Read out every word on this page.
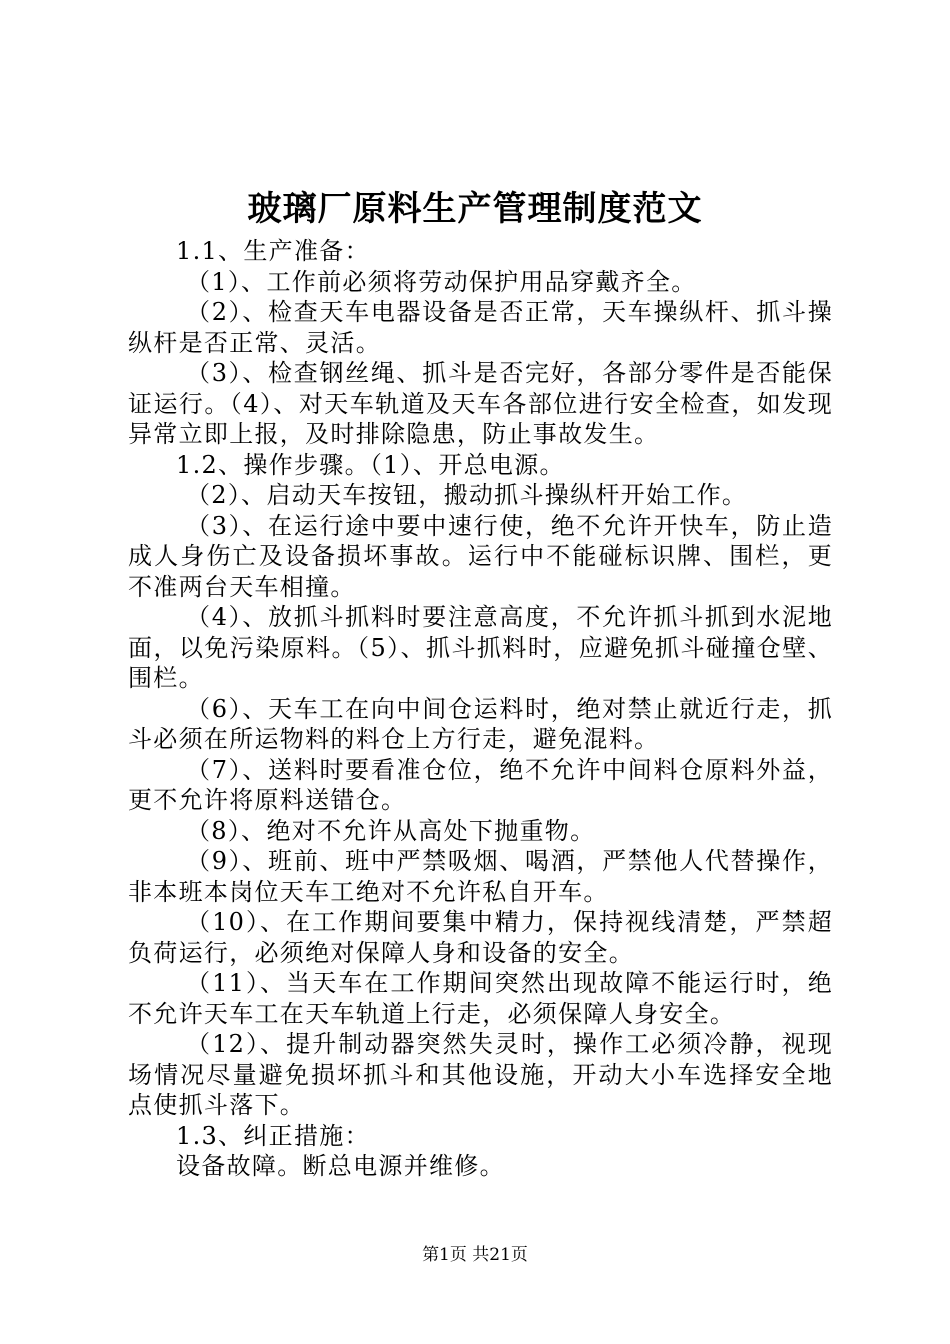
玻璃厂原料生产管理制度范文

1.1、生产准备：

（1）、工作前必须将劳动保护用品穿戴齐全。

（2）、检查天车电器设备是否正常，天车操纵杆、抓斗操纵杆是否正常、灵活。

（3）、检查钢丝绳、抓斗是否完好，各部分零件是否能保证运行。（4）、对天车轨道及天车各部位进行安全检查，如发现异常立即上报，及时排除隐患，防止事故发生。

1.2、操作步骤。（1）、开总电源。

（2）、启动天车按钮，搬动抓斗操纵杆开始工作。

（3）、在运行途中要中速行使，绝不允许开快车，防止造成人身伤亡及设备损坏事故。运行中不能碰标识牌、围栏，更不准两台天车相撞。

（4）、放抓斗抓料时要注意高度，不允许抓斗抓到水泥地面，以免污染原料。（5）、抓斗抓料时，应避免抓斗碰撞仓壁、围栏。

（6）、天车工在向中间仓运料时，绝对禁止就近行走，抓斗必须在所运物料的料仓上方行走，避免混料。

（7）、送料时要看准仓位，绝不允许中间料仓原料外益，更不允许将原料送错仓。

（8）、绝对不允许从高处下抛重物。

（9）、班前、班中严禁吸烟、喝酒，严禁他人代替操作，非本班本岗位天车工绝对不允许私自开车。

（10）、在工作期间要集中精力，保持视线清楚，严禁超负荷运行，必须绝对保障人身和设备的安全。

（11）、当天车在工作期间突然出现故障不能运行时，绝不允许天车工在天车轨道上行走，必须保障人身安全。

（12）、提升制动器突然失灵时，操作工必须冷静，视现场情况尽量避免损坏抓斗和其他设施，开动大小车选择安全地点使抓斗落下。

1.3、纠正措施：

设备故障。断总电源并维修。

第1页 共21页
